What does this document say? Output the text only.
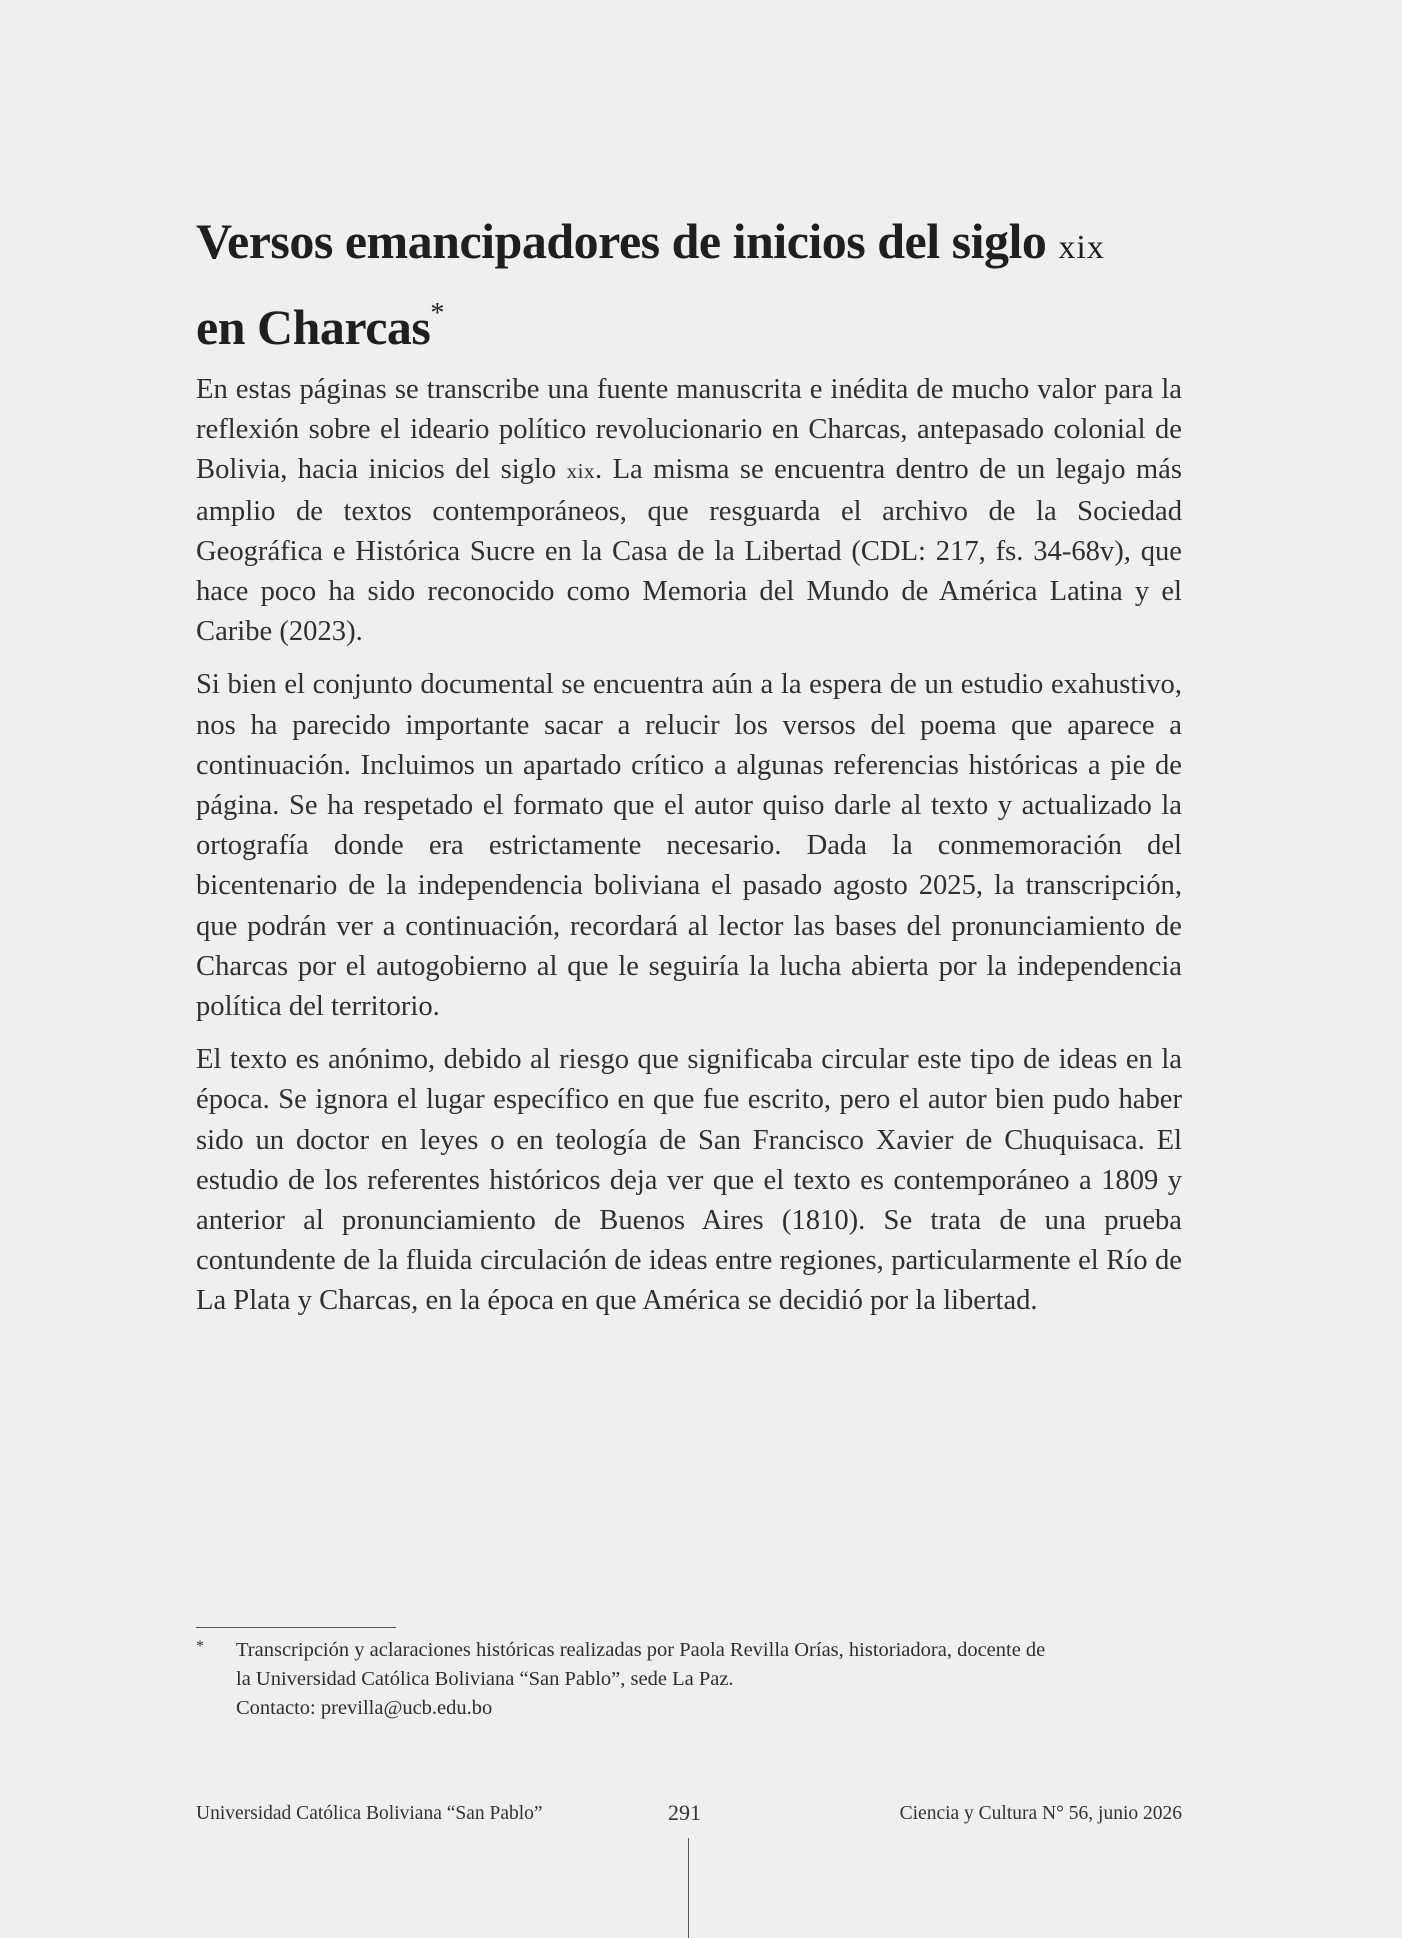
Versos emancipadores de inicios del siglo xix
en Charcas*

En estas páginas se transcribe una fuente manuscrita e inédita de mucho valor para la reflexión sobre el ideario político revolucionario en Charcas, antepasado colonial de Bolivia, hacia inicios del siglo xix. La misma se encuentra dentro de un legajo más amplio de textos contemporáneos, que resguarda el archivo de la Sociedad Geográfica e Histórica Sucre en la Casa de la Libertad (CDL: 217, fs. 34-68v), que hace poco ha sido reconocido como Memoria del Mundo de América Latina y el Caribe (2023).

Si bien el conjunto documental se encuentra aún a la espera de un estudio exahustivo, nos ha parecido importante sacar a relucir los versos del poema que aparece a continuación. Incluimos un apartado crítico a algunas referencias históricas a pie de página. Se ha respetado el formato que el autor quiso darle al texto y actualizado la ortografía donde era estrictamente necesario. Dada la conmemoración del bicentenario de la independencia boliviana el pasado agosto 2025, la transcripción, que podrán ver a continuación, recordará al lector las bases del pronunciamiento de Charcas por el autogobierno al que le seguiría la lucha abierta por la independencia política del territorio.

El texto es anónimo, debido al riesgo que significaba circular este tipo de ideas en la época. Se ignora el lugar específico en que fue escrito, pero el autor bien pudo haber sido un doctor en leyes o en teología de San Francisco Xavier de Chuquisaca. El estudio de los referentes históricos deja ver que el texto es contemporáneo a 1809 y anterior al pronunciamiento de Buenos Aires (1810). Se trata de una prueba contundente de la fluida circulación de ideas entre regiones, particularmente el Río de La Plata y Charcas, en la época en que América se decidió por la libertad.

* Transcripción y aclaraciones históricas realizadas por Paola Revilla Orías, historiadora, docente de
la Universidad Católica Boliviana “San Pablo”, sede La Paz.
Contacto: previlla@ucb.edu.bo
Universidad Católica Boliviana “San Pablo”	291	Ciencia y Cultura N° 56, junio 2026
